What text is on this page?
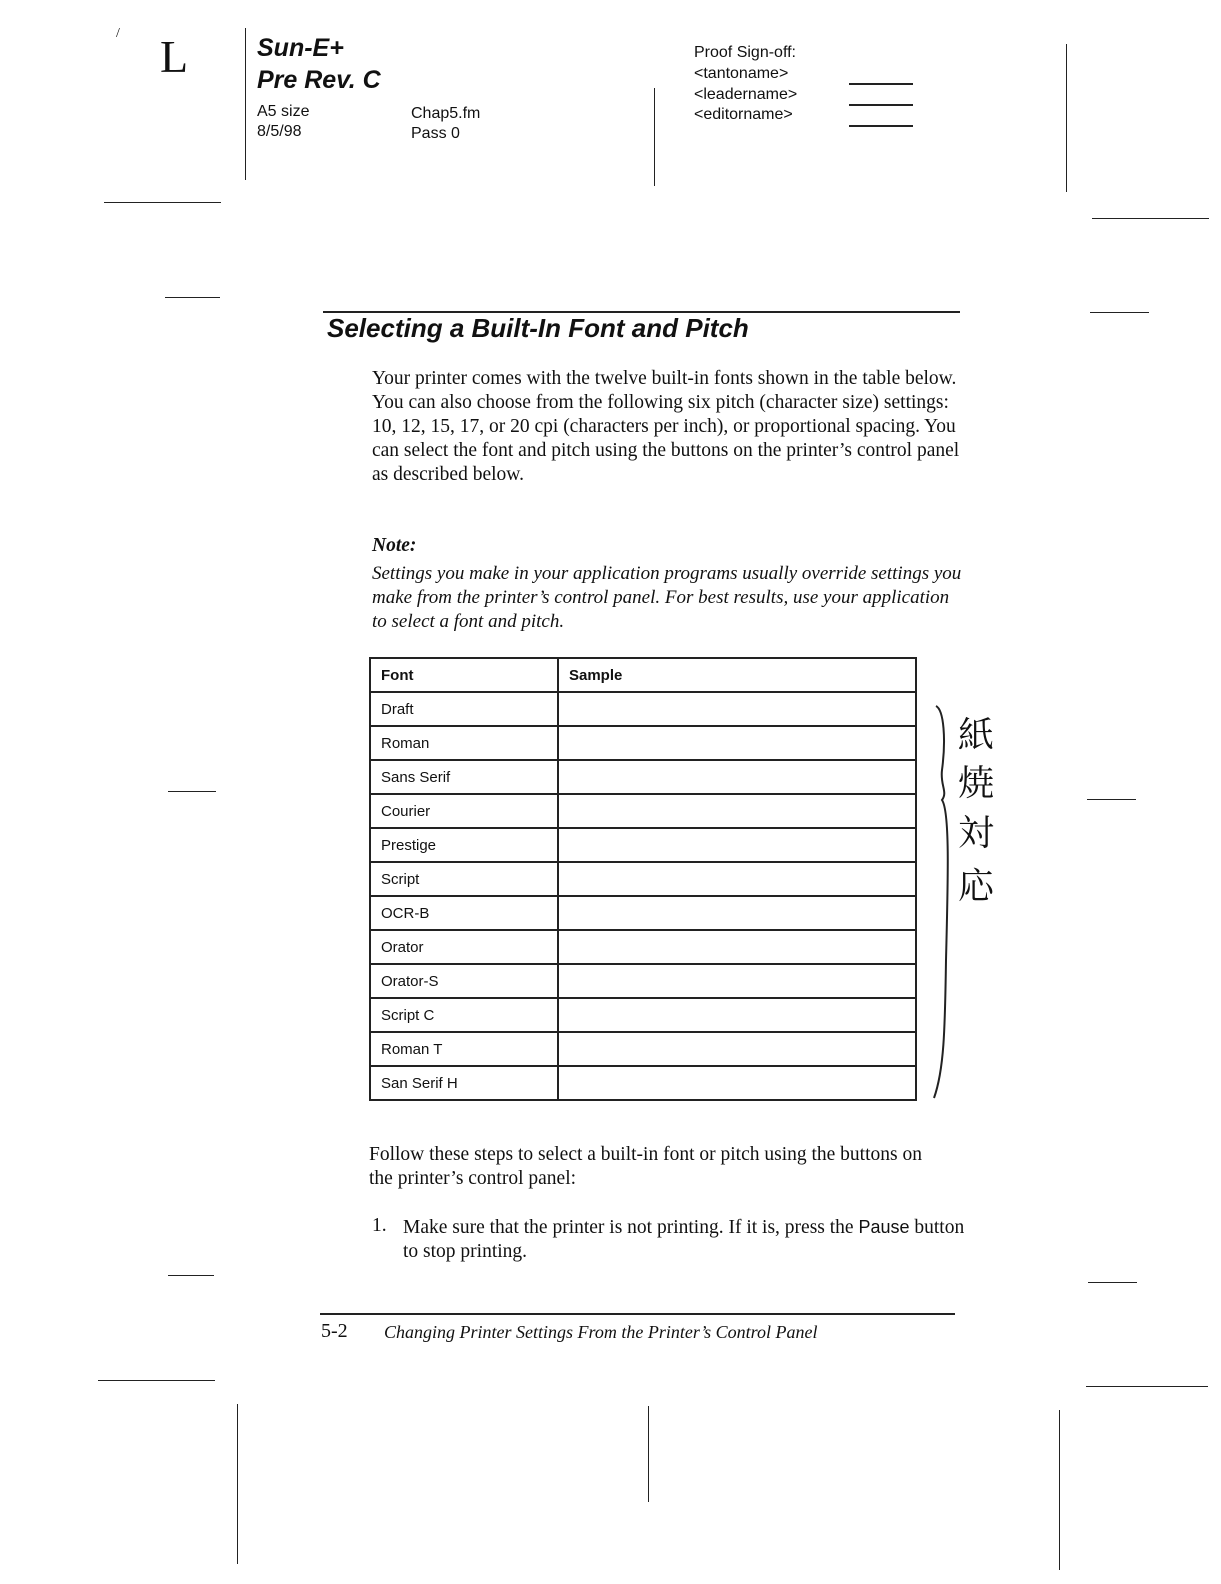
/ L	Sun-E+
Pre Rev. C
A5 size
8/5/98
Chap5.fm
Pass 0
Proof Sign-off:
<tantoname>
<leadername>
<editorname>
Selecting a Built-In Font and Pitch
Your printer comes with the twelve built-in fonts shown in the table below. You can also choose from the following six pitch (character size) settings: 10, 12, 15, 17, or 20 cpi (characters per inch), or proportional spacing. You can select the font and pitch using the buttons on the printer’s control panel as described below.
Note:
Settings you make in your application programs usually override settings you make from the printer’s control panel. For best results, use your application to select a font and pitch.
Font	Sample
Draft	
Roman	
Sans Serif	
Courier	
Prestige	
Script	
OCR-B	
Orator	
Orator-S	
Script C	
Roman T	
San Serif H	
紙
焼
対
応
Follow these steps to select a built-in font or pitch using the buttons on the printer’s control panel:
1. Make sure that the printer is not printing. If it is, press the Pause button to stop printing.
5-2 Changing Printer Settings From the Printer’s Control Panel
